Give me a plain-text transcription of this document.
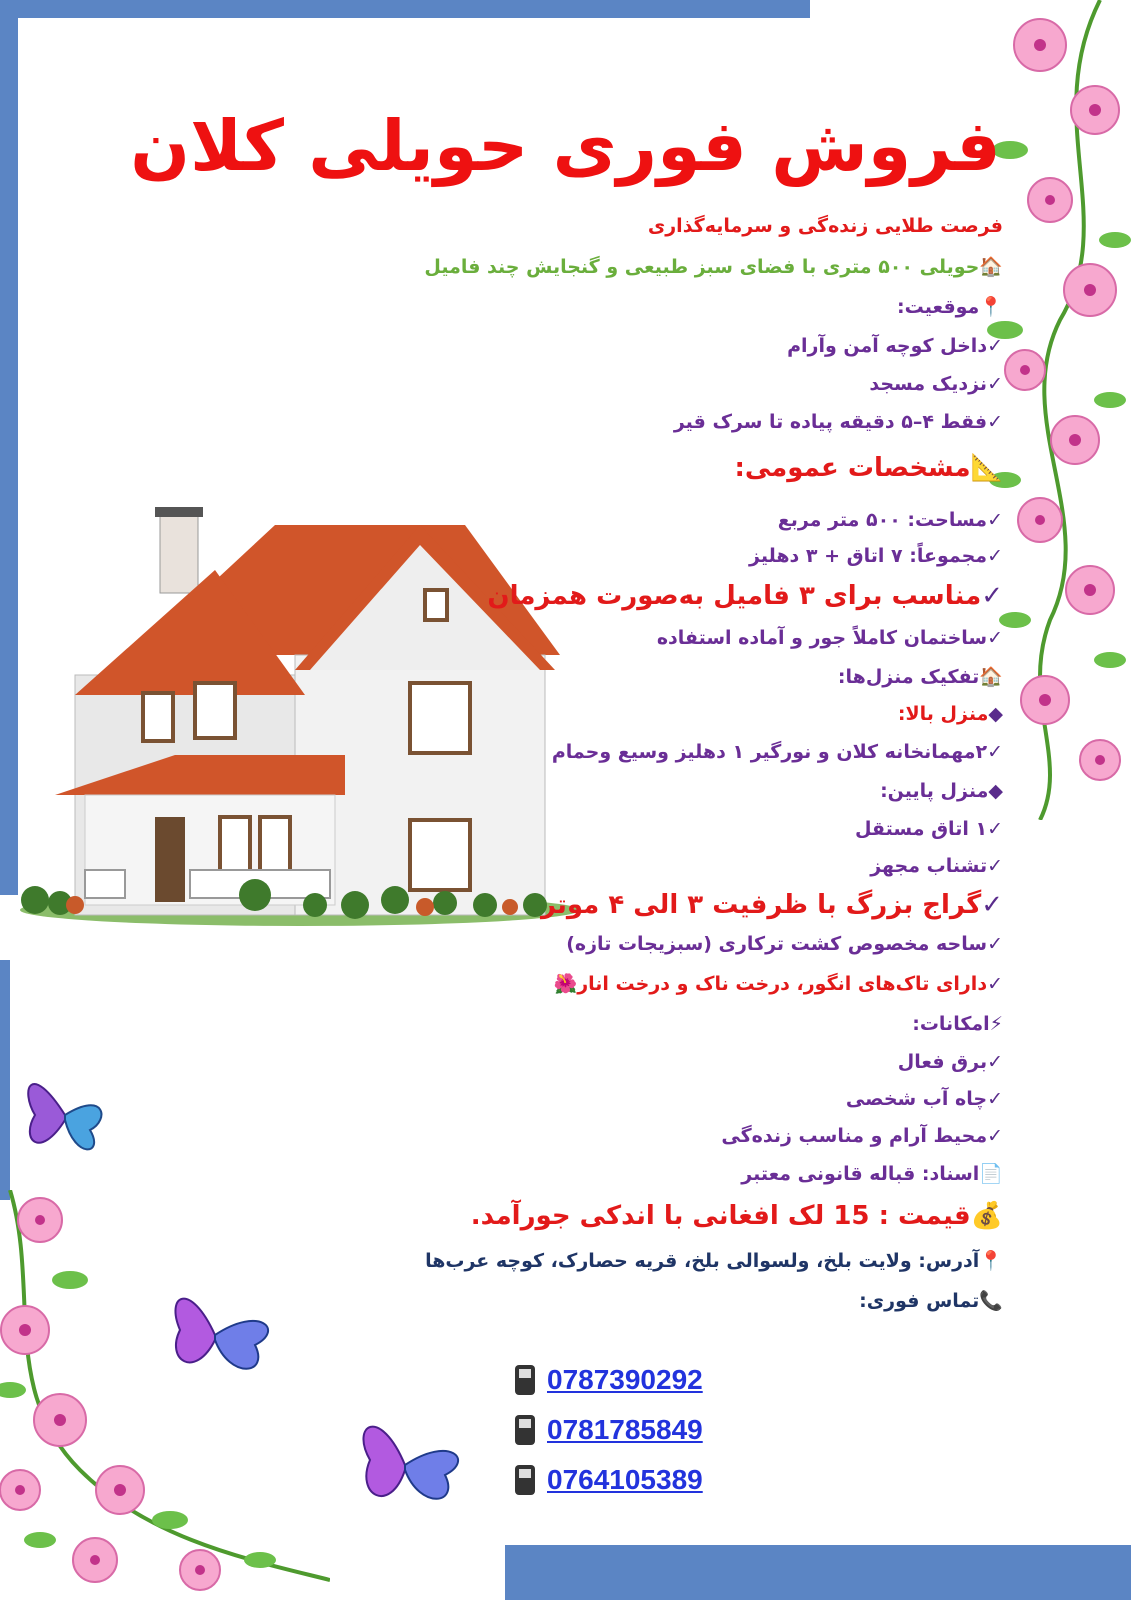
فروش فوری حویلی کلان

فرصت طلایی زندەگی و سرمایەگذاری

🏠حویلی ۵۰۰ متری با فضای سبز طبیعی و گنجایش چند فامیل

📍موقعیت:

✓داخل کوچه آمن وآرام

✓نزدیک مسجد

✓فقط ۴–۵ دقیقه پیاده تا سرک قیر

📐مشخصات عمومی:

✓مساحت: ۵۰۰ متر مربع

✓مجموعاً: ۷ اتاق + ۳ دهلیز

✓مناسب برای ۳ فامیل بەصورت همزمان

✓ساختمان کاملاً جور و آماده استفاده

🏠تفکیک منزل‌ها:

◆منزل بالا:

✓۲مهمانخانه کلان و نورگیر ۱ دهلیز وسیع وحمام

◆منزل پایین:

✓۱ اتاق مستقل

✓تشناب مجهز

✓گراج بزرگ با ظرفیت ۳ الی ۴ موتر

✓ساحه مخصوص کشت ترکاری (سبزیجات تازه)

✓دارای تاک‌های انگور، درخت ناک و درخت انار🌺

⚡امکانات:

✓برق فعال

✓چاه آب شخصی

✓محیط آرام و مناسب زندەگی

📄اسناد: قباله قانونی معتبر

💰قیمت : 15 لک افغانی با اندکی جورآمد.

📍آدرس: ولایت بلخ، ولسوالی بلخ، قریه حصارک، کوچه عرب‌ها

📞تماس فوری:

0787390292
0781785849
0764105389
